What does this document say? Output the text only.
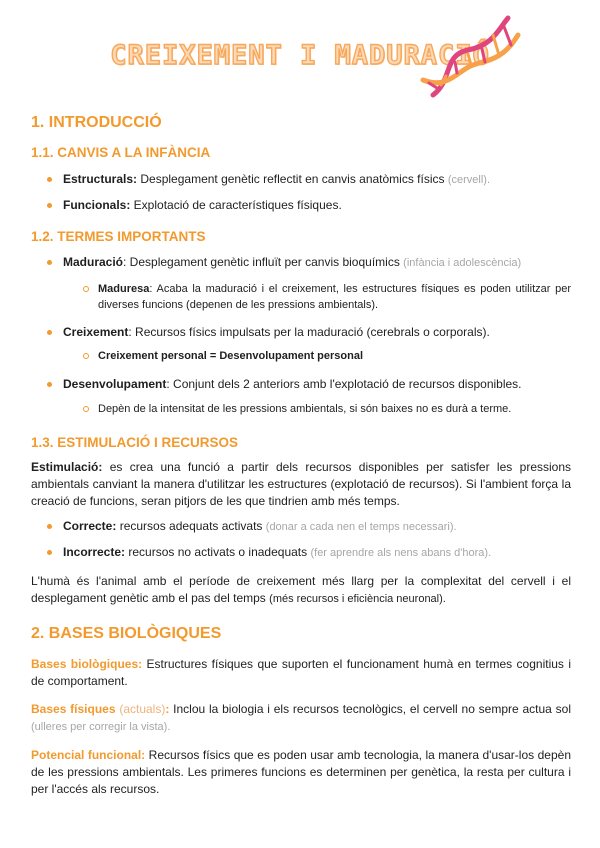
CREIXEMENT I MADURACIÓ
1. INTRODUCCIÓ
1.1. CANVIS A LA INFÀNCIA
Estructurals: Desplegament genètic reflectit en canvis anatòmics físics (cervell).
Funcionals: Explotació de característiques físiques.
1.2. TERMES IMPORTANTS
Maduració: Desplegament genètic influït per canvis bioquímics (infància i adolescència)
Maduresa: Acaba la maduració i el creixement, les estructures físiques es poden utilitzar per diverses funcions (depenen de les pressions ambientals).
Creixement: Recursos físics impulsats per la maduració (cerebrals o corporals).
Creixement personal = Desenvolupament personal
Desenvolupament: Conjunt dels 2 anteriors amb l'explotació de recursos disponibles.
Depèn de la intensitat de les pressions ambientals, si són baixes no es durà a terme.
1.3. ESTIMULACIÓ I RECURSOS

Estimulació: es crea una funció a partir dels recursos disponibles per satisfer les pressions ambientals canviant la manera d'utilitzar les estructures (explotació de recursos). Si l'ambient força la creació de funcions, seran pitjors de les que tindrien amb més temps.

Correcte: recursos adequats activats (donar a cada nen el temps necessari).
Incorrecte: recursos no activats o inadequats (fer aprendre als nens abans d'hora).

L'humà és l'animal amb el període de creixement més llarg per la complexitat del cervell i el desplegament genètic amb el pas del temps (més recursos i eficiència neuronal).

2. BASES BIOLÒGIQUES

Bases biològiques: Estructures físiques que suporten el funcionament humà en termes cognitius i de comportament.

Bases físiques (actuals): Inclou la biologia i els recursos tecnològics, el cervell no sempre actua sol (ulleres per corregir la vista).

Potencial funcional: Recursos físics que es poden usar amb tecnologia, la manera d'usar-los depèn de les pressions ambientals. Les primeres funcions es determinen per genètica, la resta per cultura i per l'accés als recursos.
